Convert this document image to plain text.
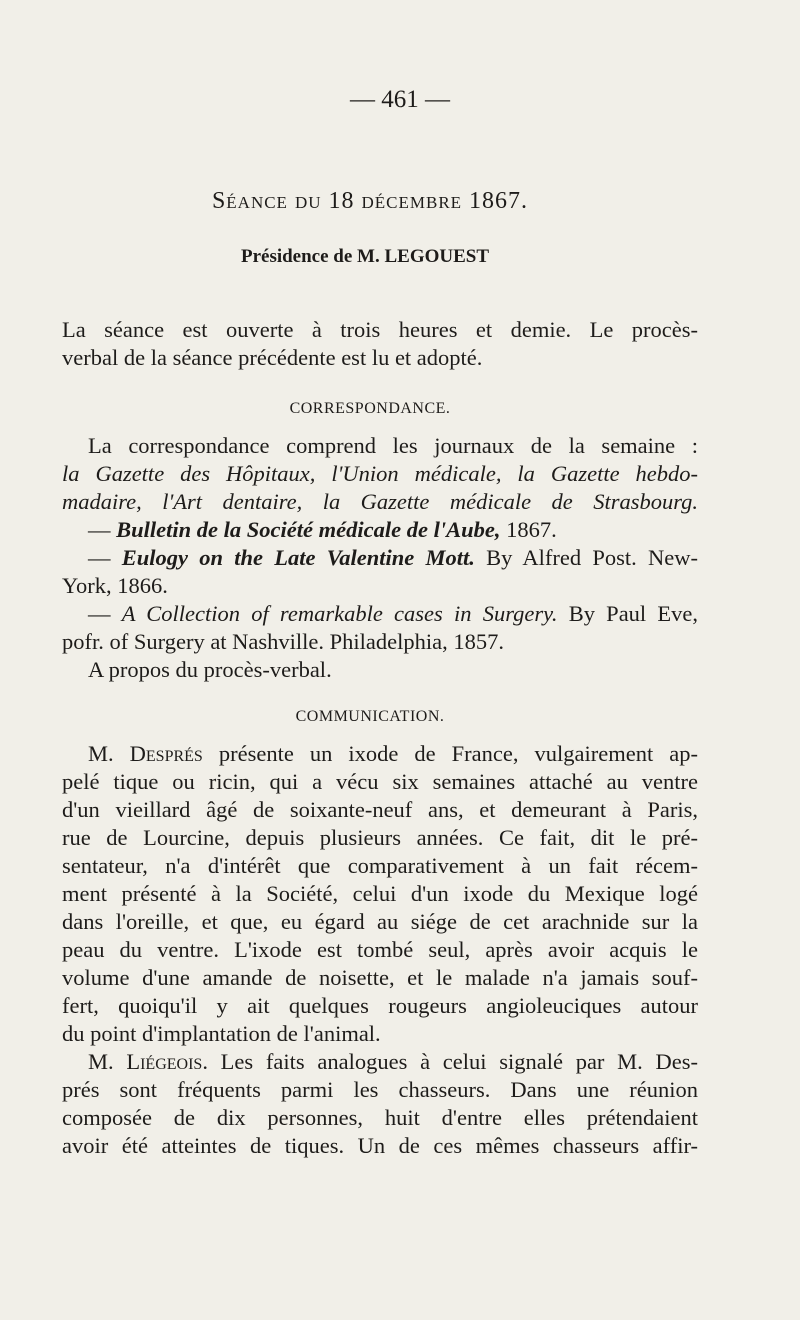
— 461 —
Séance du 18 décembre 1867.
Présidence de M. LEGOUEST
La séance est ouverte à trois heures et demie. Le procès-
verbal de la séance précédente est lu et adopté.
CORRESPONDANCE.
La correspondance comprend les journaux de la semaine :
la Gazette des Hôpitaux, l'Union médicale, la Gazette hebdo-
madaire, l'Art dentaire, la Gazette médicale de Strasbourg.
— Bulletin de la Société médicale de l'Aube, 1867.
— Eulogy on the Late Valentine Mott. By Alfred Post. New-
York, 1866.
— A Collection of remarkable cases in Surgery. By Paul Eve,
pofr. of Surgery at Nashville. Philadelphia, 1857.
A propos du procès-verbal.
COMMUNICATION.
M. Després présente un ixode de France, vulgairement ap-
pelé tique ou ricin, qui a vécu six semaines attaché au ventre
d'un vieillard âgé de soixante-neuf ans, et demeurant à Paris,
rue de Lourcine, depuis plusieurs années. Ce fait, dit le pré-
sentateur, n'a d'intérêt que comparativement à un fait récem-
ment présenté à la Société, celui d'un ixode du Mexique logé
dans l'oreille, et que, eu égard au siége de cet arachnide sur la
peau du ventre. L'ixode est tombé seul, après avoir acquis le
volume d'une amande de noisette, et le malade n'a jamais souf-
fert, quoiqu'il y ait quelques rougeurs angioleuciques autour
du point d'implantation de l'animal.
M. Liégeois. Les faits analogues à celui signalé par M. Des-
prés sont fréquents parmi les chasseurs. Dans une réunion
composée de dix personnes, huit d'entre elles prétendaient
avoir été atteintes de tiques. Un de ces mêmes chasseurs affir-
